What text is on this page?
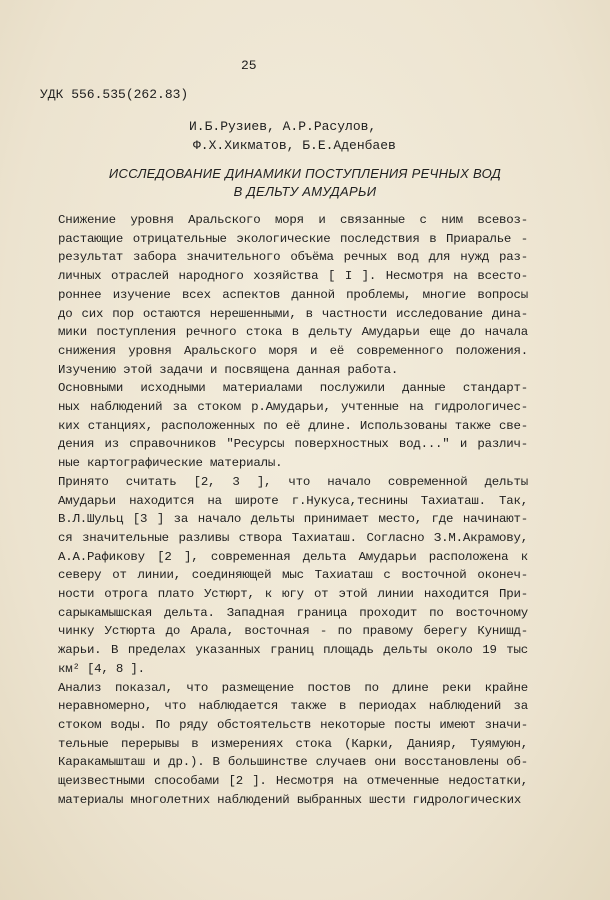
25
УДК 556.535(262.83)
И.Б.Рузиев, А.Р.Расулов,
Ф.Х.Хикматов, Б.Е.Аденбаев
ИССЛЕДОВАНИЕ ДИНАМИКИ ПОСТУПЛЕНИЯ РЕЧНЫХ ВОД
В ДЕЛЬТУ АМУДАРЬИ
Снижение уровня Аральского моря и связанные с ним всевоз-
растающие отрицательные экологические последствия в Приаралье -
результат забора значительного объёма речных вод для нужд раз-
личных отраслей народного хозяйства [ I ]. Несмотря на всесто-
роннее изучение всех аспектов данной проблемы, многие вопросы
до сих пор остаются нерешенными, в частности исследование дина-
мики поступления речного стока в дельту Амударьи еще до начала
снижения уровня Аральского моря и её современного положения.
Изучению этой задачи и посвящена данная работа.
Основными исходными материалами послужили данные стандарт-
ных наблюдений за стоком р.Амударьи, учтенные на гидрологичес-
ких станциях, расположенных по её длине. Использованы также све-
дения из справочников "Ресурсы поверхностных вод..." и различ-
ные картографические материалы.
Принято считать [2, 3 ], что начало современной дельты
Амударьи находится на широте г.Нукуса,теснины Тахиаташ. Так,
В.Л.Шульц [3 ] за начало дельты принимает место, где начинают-
ся значительные разливы створа Тахиаташ. Согласно З.М.Акрамову,
А.А.Рафикову [2 ], современная дельта Амударьи расположена к
северу от линии, соединяющей мыс Тахиаташ с восточной оконеч-
ности отрога плато Устюрт, к югу от этой линии находится При-
сарыкамышская дельта. Западная граница проходит по восточному
чинку Устюрта до Арала, восточная - по правому берегу Кунишд-
жарьи. В пределах указанных границ площадь дельты около 19 тыс
км² [4, 8 ].
Анализ показал, что размещение постов по длине реки крайне
неравномерно, что наблюдается также в периодах наблюдений за
стоком воды. По ряду обстоятельств некоторые посты имеют значи-
тельные перерывы в измерениях стока (Карки, Данияр, Туямуюн,
Каракамышташ и др.). В большинстве случаев они восстановлены об-
щеизвестными способами [2 ]. Несмотря на отмеченные недостатки,
материалы многолетних наблюдений выбранных шести гидрологических
